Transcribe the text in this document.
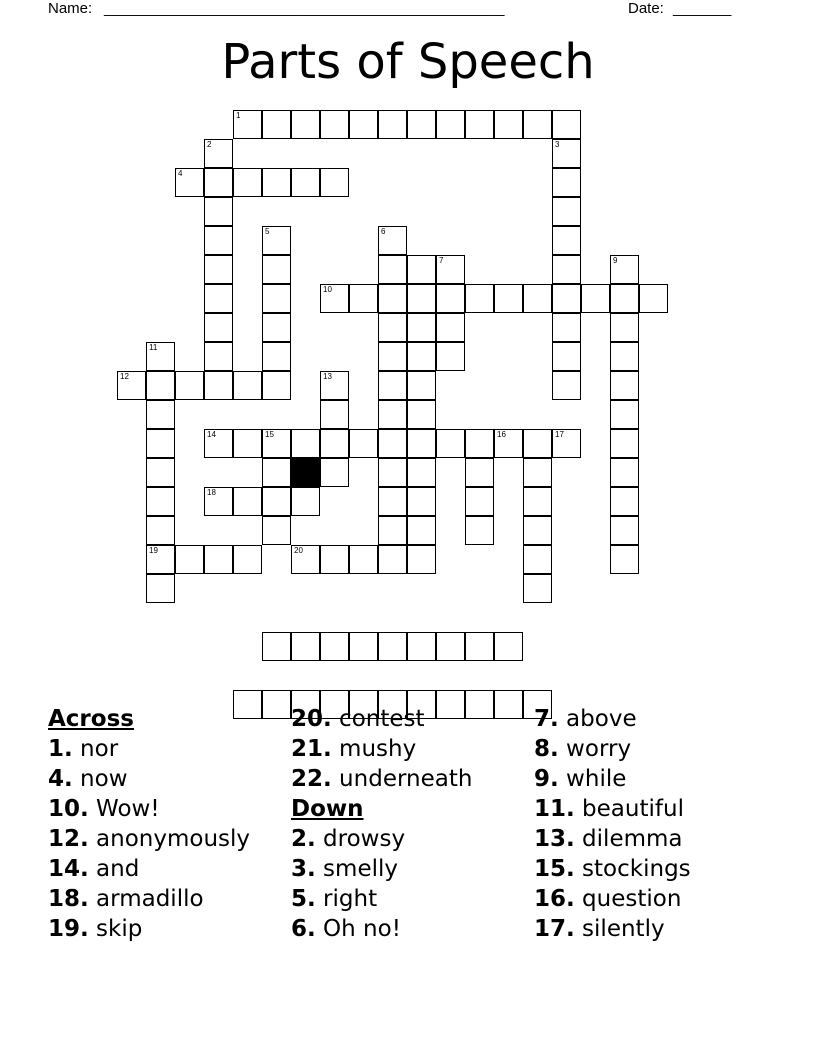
Name: ________________________________________________	Date: _______
Parts of Speech
1
2	3
4
5	6
7	9
10
11
12	13
14	15	16	17
18
19	20
Across
1. nor
4. now
10. Wow!
12. anonymously
14. and
18. armadillo
19. skip
20. contest
21. mushy
22. underneath
Down
2. drowsy
3. smelly
5. right
6. Oh no!
7. above
8. worry
9. while
11. beautiful
13. dilemma
15. stockings
16. question
17. silently
